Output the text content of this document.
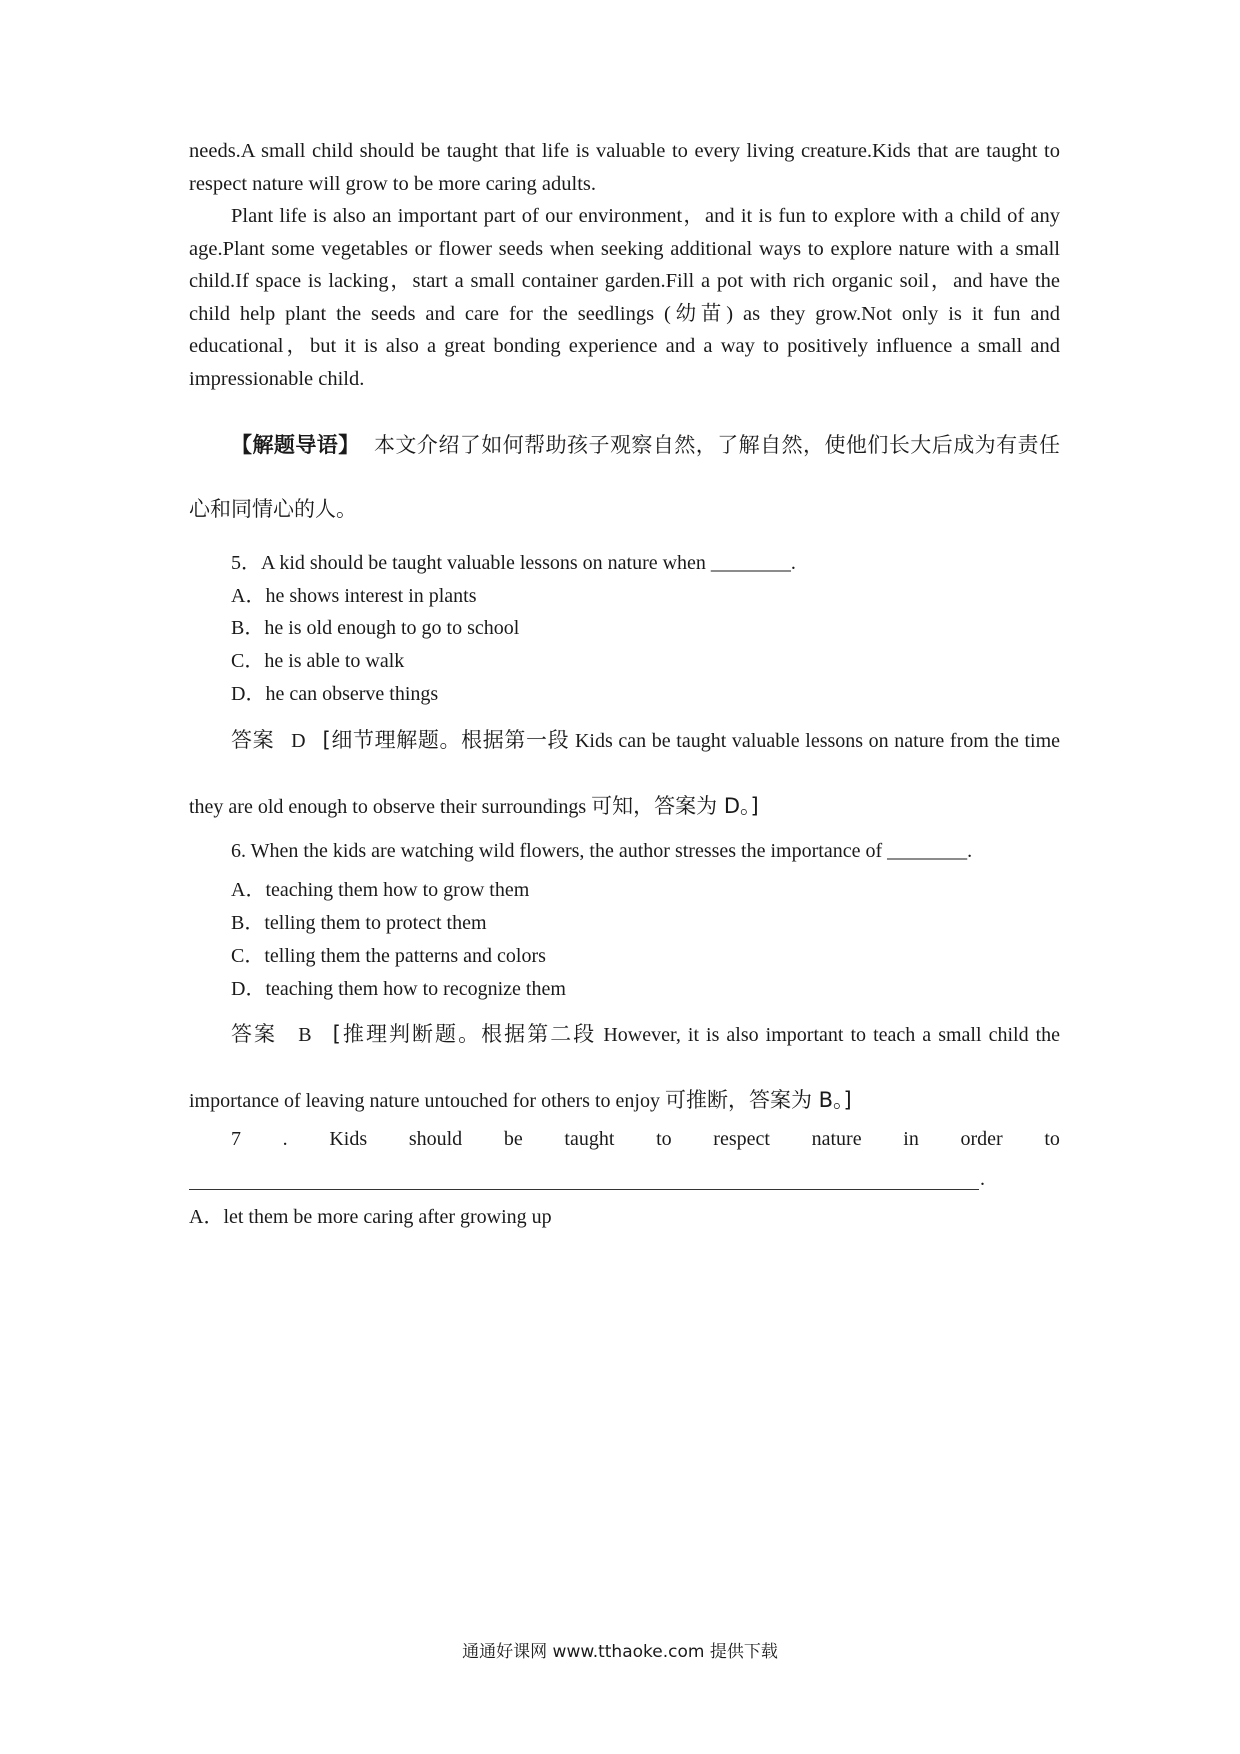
needs.A small child should be taught that life is valuable to every living creature.Kids that are taught to respect nature will grow to be more caring adults.

Plant life is also an important part of our environment，and it is fun to explore with a child of any age.Plant some vegetables or flower seeds when seeking additional ways to explore nature with a small child.If space is lacking，start a small container garden.Fill a pot with rich organic soil，and have the child help plant the seeds and care for the seedlings (幼苗) as they grow.Not only is it fun and educational，but it is also a great bonding experience and a way to positively influence a small and impressionable child.

【解题导语】 本文介绍了如何帮助孩子观察自然，了解自然，使他们长大后成为有责任心和同情心的人。
5．A kid should be taught valuable lessons on nature when ________.
A．he shows interest in plants
B．he is old enough to go to school
C．he is able to walk
D．he can observe things
答案 D [细节理解题。根据第一段 Kids can be taught valuable lessons on nature from the time they are old enough to observe their surroundings 可知，答案为 D。]
6. When the kids are watching wild flowers, the author stresses the importance of ________.
A．teaching them how to grow them
B．telling them to protect them
C．telling them the patterns and colors
D．teaching them how to recognize them
答案 B [推理判断题。根据第二段 However, it is also important to teach a small child the importance of leaving nature untouched for others to enjoy 可推断，答案为 B。]
7 . Kids should be taught to respect nature in order to
.
A．let them be more caring after growing up
通通好课网 www.tthaoke.com 提供下载
